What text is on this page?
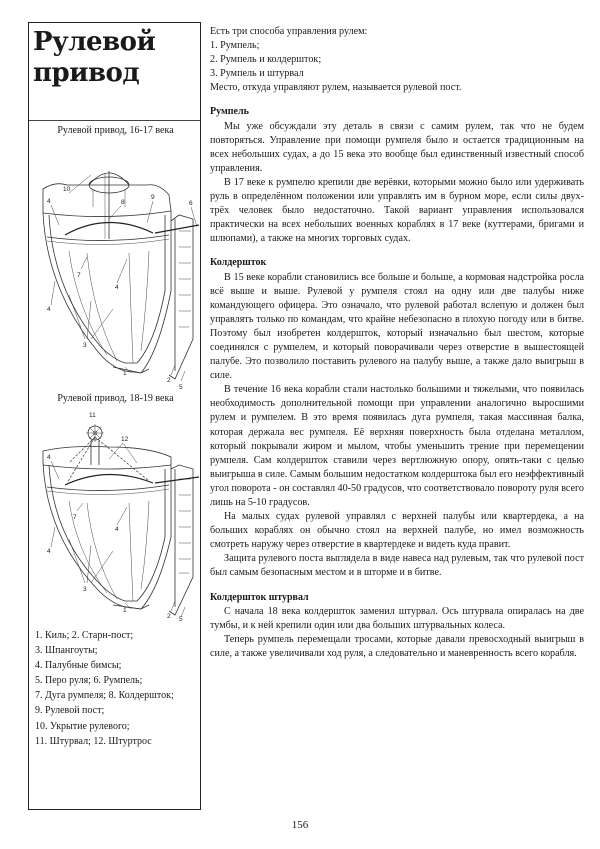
Рулевой
привод
Рулевой привод, 16-17 века
10
4
7
8
9
6
4
4
3
1
2
5
Рулевой привод, 18-19 века
11
4
12
7
4
4
3
1
2 5
1. Киль; 2. Старн-пост;
3. Шпангоуты;
4. Палубные бимсы;
5. Перо руля; 6. Румпель;
7. Дуга румпеля; 8. Колдершток;
9. Рулевой пост;
10. Укрытие рулевого;
11. Штурвал; 12. Штуртрос

Есть три способа управления рулем:

1. Румпель;

2. Румпель и колдершток;

3. Румпель и штурвал

Место, откуда управляют рулем, называется рулевой пост.

Румпель

Мы уже обсуждали эту деталь в связи с самим рулем, так что не будем повторяться. Управление при помощи румпеля было и остается традиционным на всех небольших судах, а до 15 века это вообще был единственный известный способ управления.

В 17 веке к румпелю крепили две верёвки, которыми можно было или удерживать руль в определённом положении или управлять им в бурном море, если силы двух-трёх человек было недостаточно. Такой вариант управления использовался практически на всех небольших военных кораблях в 17 веке (куттерами, бригами и шлюпами), а также на многих торговых судах.

Колдершток

В 15 веке корабли становились все больше и больше, а кормовая надстройка росла всё выше и выше. Рулевой у румпеля стоял на одну или две палубы ниже командующего офицера. Это означало, что рулевой работал вслепую и должен был управлять только по командам, что крайне небезопасно в плохую погоду или в битве. Поэтому был изобретен колдершток, который изначально был шестом, которые соединялся с румпелем, и который поворачивали через отверстие в вышестоящей палубе. Это позволило поставить рулевого на палубу выше, а также дало выигрыш в силе.

В течение 16 века корабли стали настолько большими и тяжелыми, что появилась необходимость дополнительной помощи при управлении аналогично выросшими рулем и румпелем. В это время появилась дуга румпеля, такая массивная балка, которая держала вес румпеля. Её верхняя поверхность была отделана металлом, который покрывали жиром и мылом, чтобы уменьшить трение при перемещении румпеля. Сам колдершток ставили через вертлюжную опору, опять-таки с целью выигрыша в силе. Самым большим недостатком колдерштока был его неэффективный угол поворота - он составлял 40-50 градусов, что соответствовало повороту руля всего лишь на 5-10 градусов.

На малых судах рулевой управлял с верхней палубы или квартердека, а на больших кораблях он обычно стоял на верхней палубе, но имел возможность смотреть наружу через отверстие в квартердеке и видеть куда правит.

Защита рулевого поста выглядела в виде навеса над рулевым, так что рулевой пост был самым безопасным местом и в шторме и в битве.

Колдершток штурвал

С начала 18 века колдершток заменил штурвал. Ось штурвала опиралась на две тумбы, и к ней крепили один или два больших штурвальных колеса.

Теперь румпель перемещали тросами, которые давали превосходный выигрыш в силе, а также увеличивали ход руля, а следовательно и маневренность всего корабля.

156
